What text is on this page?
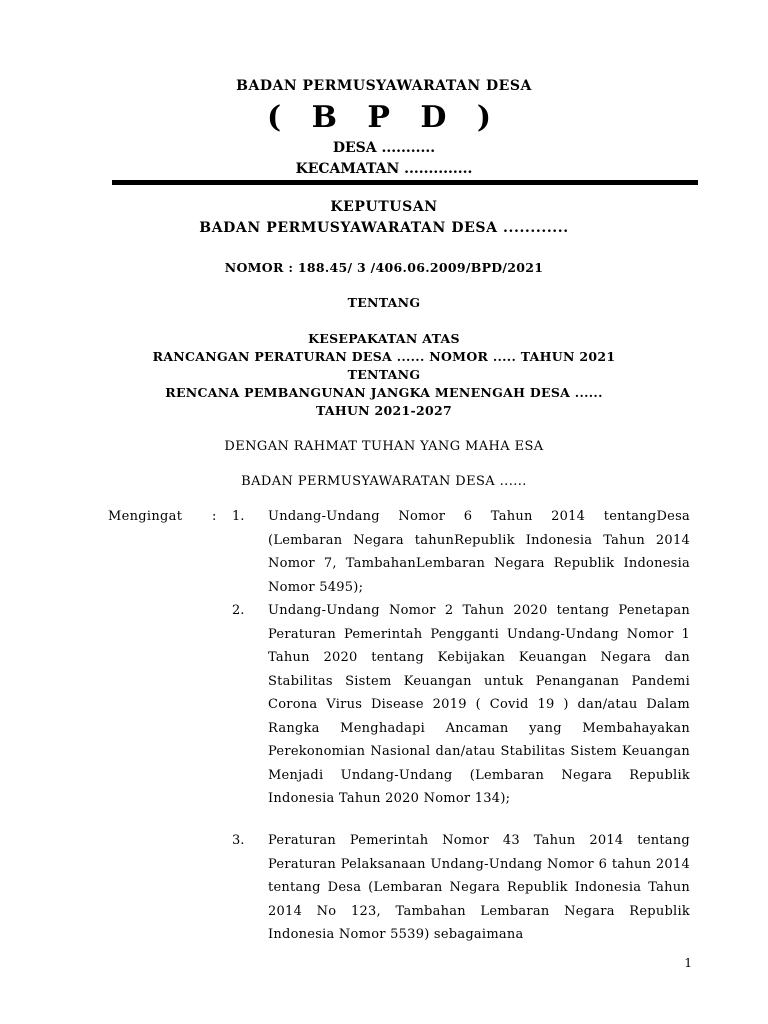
BADAN PERMUSYAWARATAN DESA
( B P D )
DESA ...........
KECAMATAN ..............
KEPUTUSAN
BADAN PERMUSYAWARATAN DESA ............
NOMOR : 188.45/ 3 /406.06.2009/BPD/2021
TENTANG
KESEPAKATAN ATAS
RANCANGAN PERATURAN DESA ...... NOMOR ..... TAHUN 2021
TENTANG
RENCANA PEMBANGUNAN JANGKA MENENGAH DESA ......
TAHUN 2021-2027
DENGAN RAHMAT TUHAN YANG MAHA ESA
BADAN PERMUSYAWARATAN DESA ......
Mengingat : 1. Undang-Undang Nomor 6 Tahun 2014 tentangDesa (Lembaran Negara tahunRepublik Indonesia Tahun 2014 Nomor 7, TambahanLembaran Negara Republik Indonesia Nomor 5495);
2. Undang-Undang Nomor 2 Tahun 2020 tentang Penetapan Peraturan Pemerintah Pengganti Undang-Undang Nomor 1 Tahun 2020 tentang Kebijakan Keuangan Negara dan Stabilitas Sistem Keuangan untuk Penanganan Pandemi Corona Virus Disease 2019 ( Covid 19 ) dan/atau Dalam Rangka Menghadapi Ancaman yang Membahayakan Perekonomian Nasional dan/atau Stabilitas Sistem Keuangan Menjadi Undang-Undang (Lembaran Negara Republik Indonesia Tahun 2020 Nomor 134);
3. Peraturan Pemerintah Nomor 43 Tahun 2014 tentang Peraturan Pelaksanaan Undang-Undang Nomor 6 tahun 2014 tentang Desa (Lembaran Negara Republik Indonesia Tahun 2014 No 123, Tambahan Lembaran Negara Republik Indonesia Nomor 5539) sebagaimana
1
